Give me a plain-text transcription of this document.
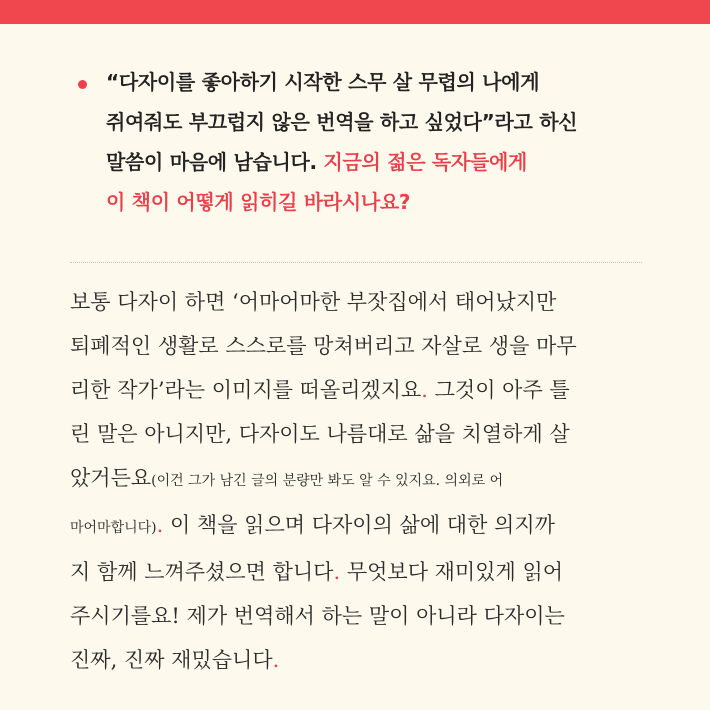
“다자이를 좋아하기 시작한 스무 살 무렵의 나에게
쥐여줘도 부끄럽지 않은 번역을 하고 싶었다”라고 하신
말씀이 마음에 남습니다. 지금의 젊은 독자들에게
이 책이 어떻게 읽히길 바라시나요?
보통 다자이 하면 ‘어마어마한 부잣집에서 태어났지만
퇴폐적인 생활로 스스로를 망쳐버리고 자살로 생을 마무
리한 작가’라는 이미지를 떠올리겠지요. 그것이 아주 틀
린 말은 아니지만, 다자이도 나름대로 삶을 치열하게 살
았거든요(이건 그가 남긴 글의 분량만 봐도 알 수 있지요. 의외로 어
마어마합니다). 이 책을 읽으며 다자이의 삶에 대한 의지까
지 함께 느껴주셨으면 합니다. 무엇보다 재미있게 읽어
주시기를요! 제가 번역해서 하는 말이 아니라 다자이는
진짜, 진짜 재밌습니다.
